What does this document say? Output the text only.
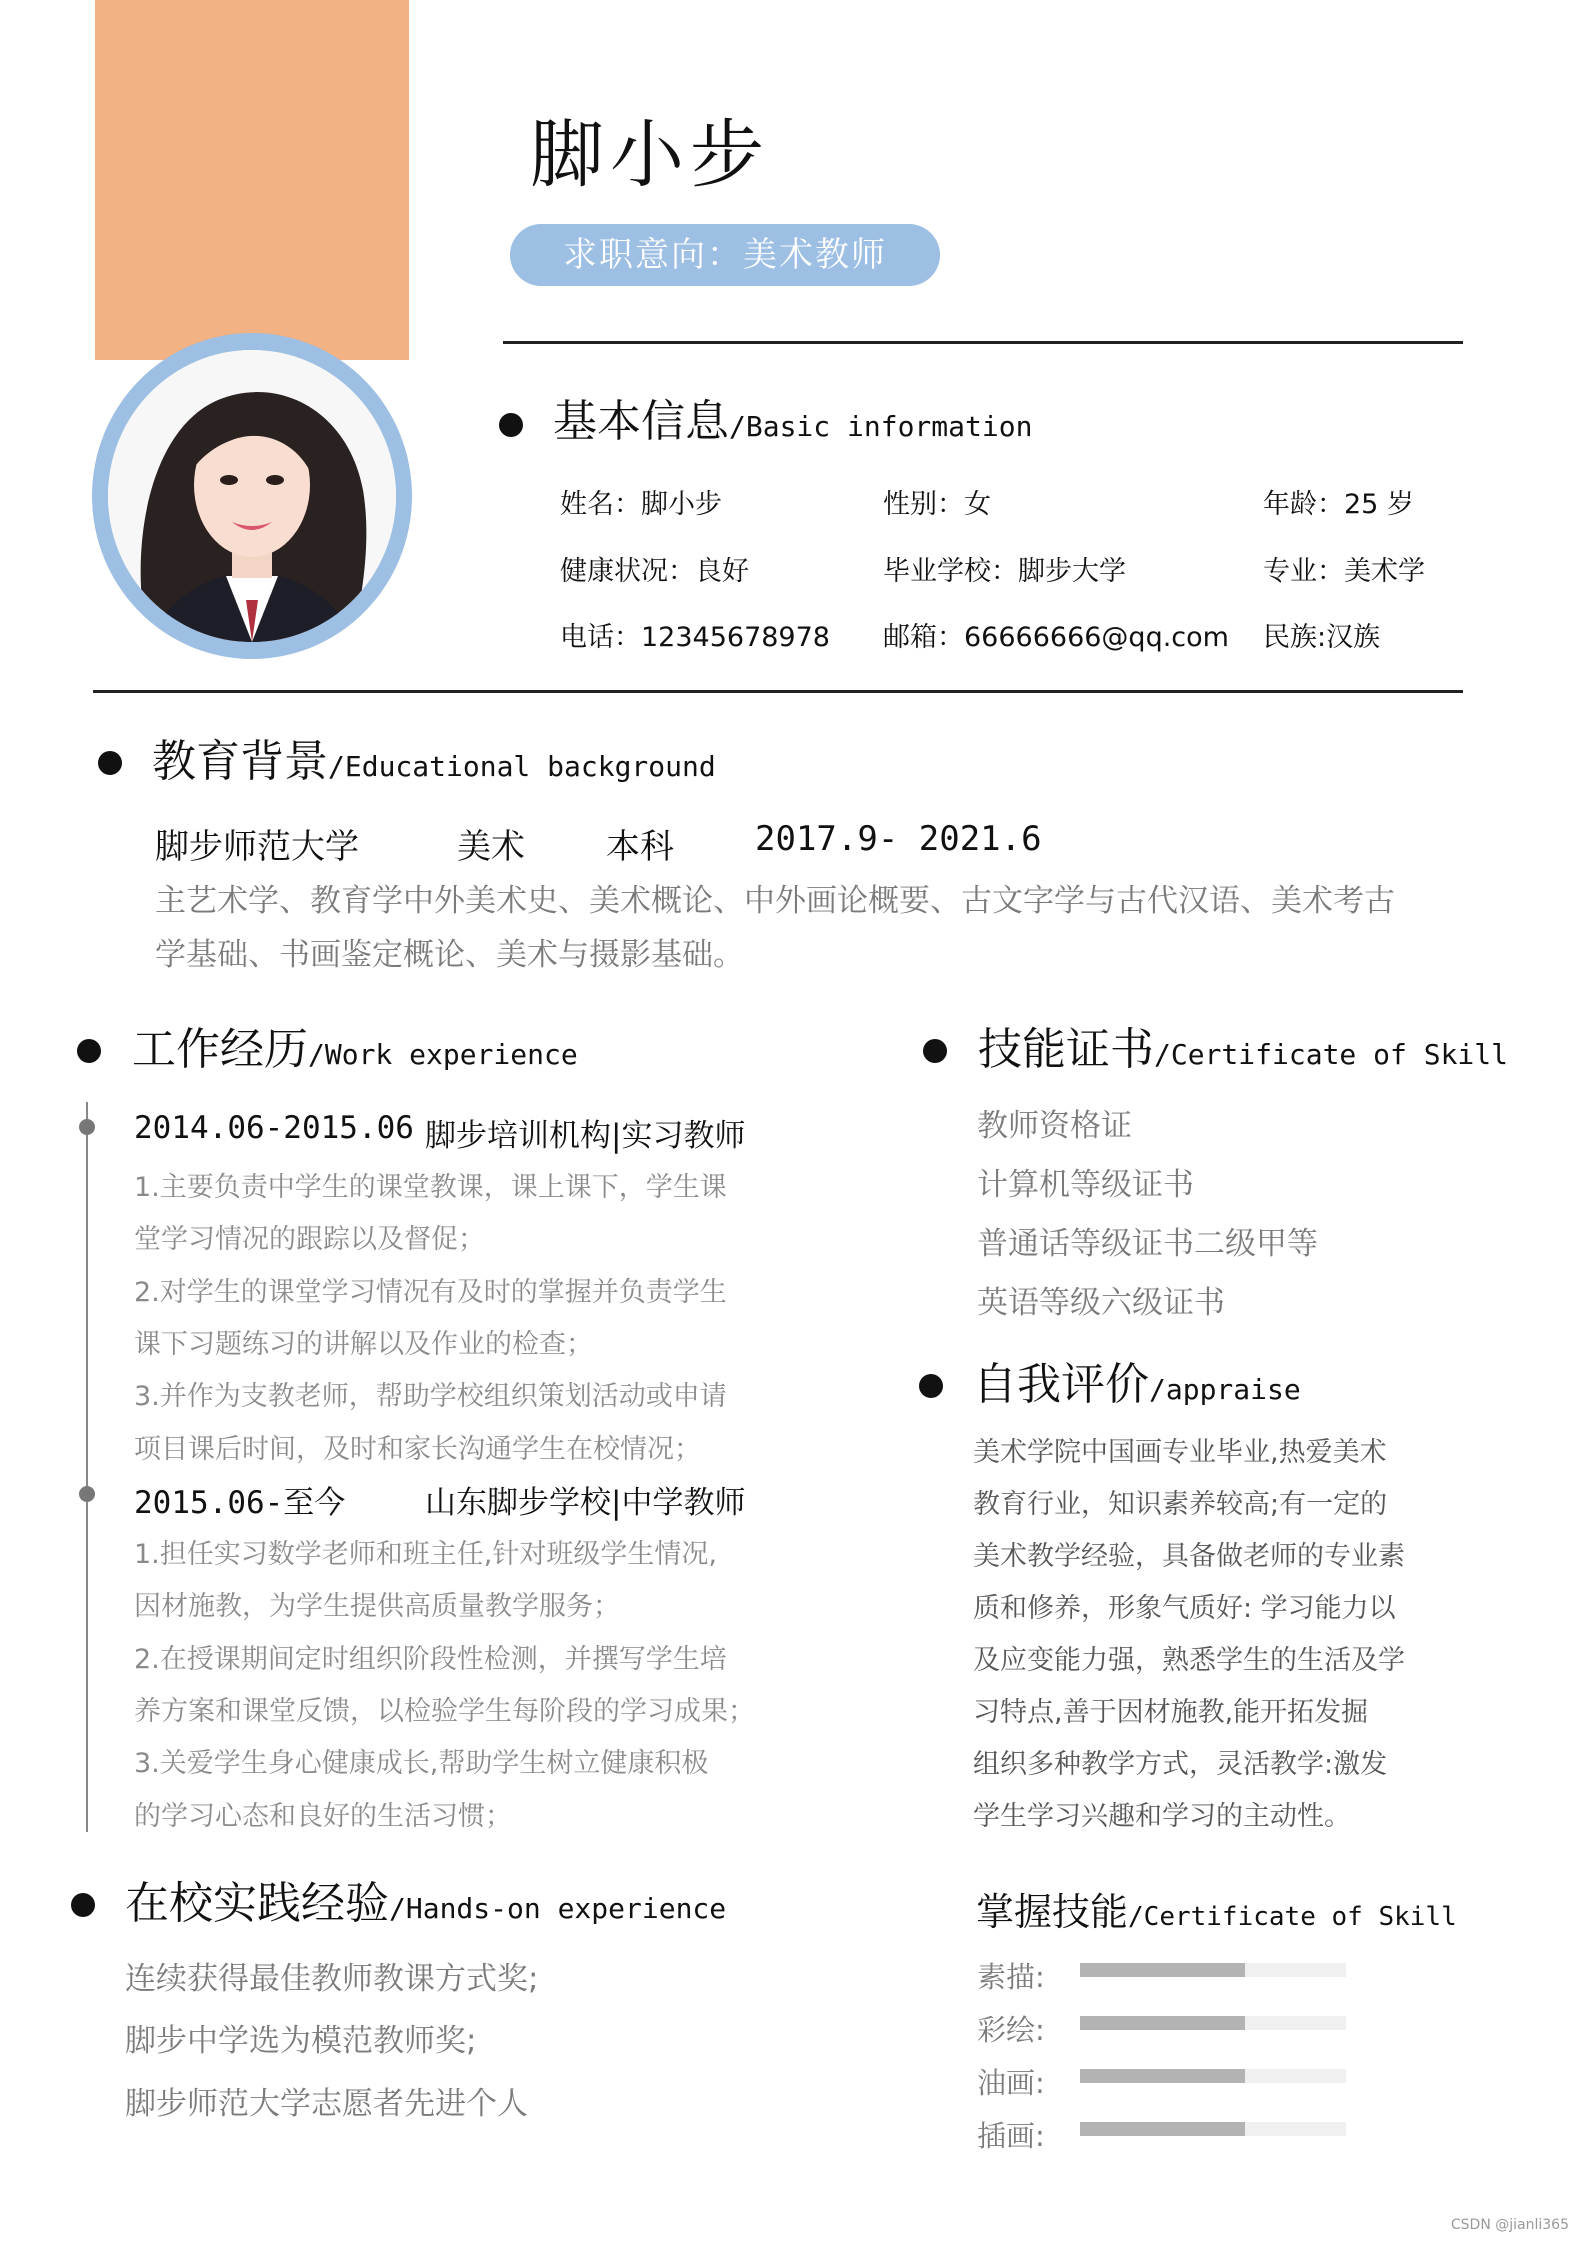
脚小步
求职意向：美术教师
基本信息/Basic information
姓名：脚小步	性别：女	年龄：25 岁
健康状况：良好	毕业学校：脚步大学	专业：美术学
电话：12345678978 邮箱：66666666@qq.com 民族:汉族
教育背景/Educational background
脚步师范大学	美术 本科 2017.9- 2021.6
主艺术学、教育学中外美术史、美术概论、中外画论概要、古文字学与古代汉语、美术考古
学基础、书画鉴定概论、美术与摄影基础。
工作经历/Work experience
2014.06-2015.06 脚步培训机构|实习教师
1.主要负责中学生的课堂教课，课上课下，学生课
堂学习情况的跟踪以及督促；
2.对学生的课堂学习情况有及时的掌握并负责学生
课下习题练习的讲解以及作业的检查；
3.并作为支教老师，帮助学校组织策划活动或申请
项目课后时间，及时和家长沟通学生在校情况；
2015.06-至今	山东脚步学校|中学教师
1.担任实习数学老师和班主任,针对班级学生情况,
因材施教，为学生提供高质量教学服务；
2.在授课期间定时组织阶段性检测，并撰写学生培
养方案和课堂反馈，以检验学生每阶段的学习成果；
3.关爱学生身心健康成长,帮助学生树立健康积极
的学习心态和良好的生活习惯；
技能证书/Certificate of Skill
教师资格证
计算机等级证书
普通话等级证书二级甲等
英语等级六级证书
自我评价/appraise
美术学院中国画专业毕业,热爱美术
教育行业，知识素养较高;有一定的
美术教学经验，具备做老师的专业素
质和修养，形象气质好: 学习能力以
及应变能力强，熟悉学生的生活及学
习特点,善于因材施教,能开拓发掘
组织多种教学方式，灵活教学:激发
学生学习兴趣和学习的主动性。
在校实践经验/Hands-on experience
连续获得最佳教师教课方式奖;
脚步中学选为模范教师奖;
脚步师范大学志愿者先进个人
掌握技能/Certificate of Skill
素描:
彩绘:
油画:
插画:
CSDN @jianli365
